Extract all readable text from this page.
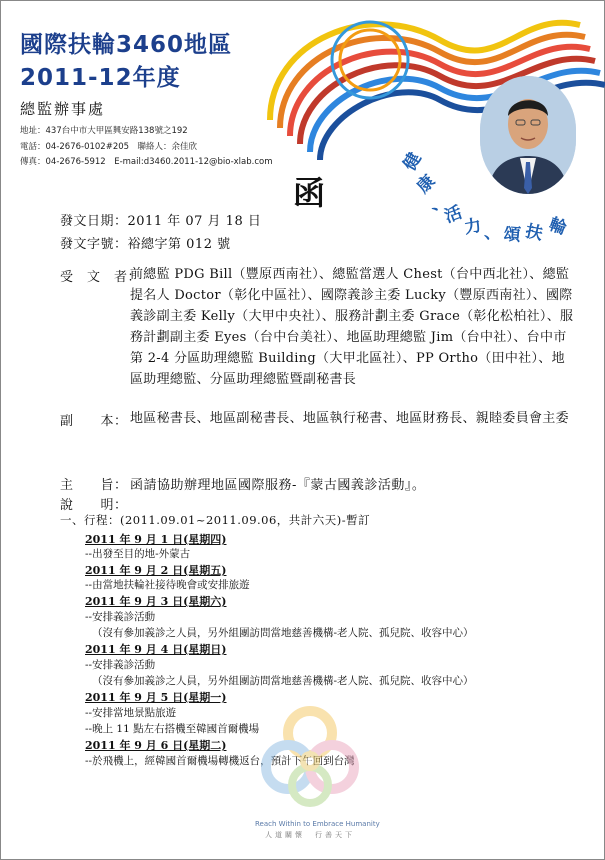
國際扶輪3460地區
2011-12年度
總監辦事處
地址：437台中市大甲區興安路138號之192
電話：04-2676-0102#205　聯絡人：余佳欣
傳真：04-2676-5912　E-mail:d3460.2011-12@bio-xlab.com	健
康
、
活
力 、 頌 扶 輪
函
發文日期：2011 年 07 月 18 日
發文字號：裕總字第 012 號
受　文　者：
前總監 PDG Bill（豐原西南社）、總監當選人 Chest（台中西北社）、總監提名人 Doctor（彰化中區社）、國際義診主委 Lucky（豐原西南社）、國際義診副主委 Kelly（大甲中央社）、服務計劃主委 Grace（彰化松柏社）、服務計劃副主委 Eyes（台中台美社）、地區助理總監 Jim（台中社）、台中市第 2-4 分區助理總監 Building（大甲北區社）、PP Ortho（田中社）、地區助理總監、分區助理總監暨副秘書長
副　　本： 地區秘書長、地區副秘書長、地區執行秘書、地區財務長、親睦委員會主委
主　　旨： 函請協助辦理地區國際服務-『蒙古國義診活動』。
說　　明：
一、行程：(2011.09.01~2011.09.06，共計六天)-暫訂
2011 年 9 月 1 日(星期四)
--出發至目的地-外蒙古
2011 年 9 月 2 日(星期五)
--由當地扶輪社接待晚會或安排旅遊
2011 年 9 月 3 日(星期六)
--安排義診活動
（沒有參加義診之人員，另外組團訪問當地慈善機構-老人院、孤兒院、收容中心）
2011 年 9 月 4 日(星期日)
--安排義診活動
（沒有參加義診之人員，另外組團訪問當地慈善機構-老人院、孤兒院、收容中心）
2011 年 9 月 5 日(星期一)
--安排當地景點旅遊
--晚上 11 點左右搭機至韓國首爾機場
2011 年 9 月 6 日(星期二)
--於飛機上，經韓國首爾機場轉機返台，預計下午回到台灣
Reach Within to Embrace Humanity
人道關懷　行善天下
